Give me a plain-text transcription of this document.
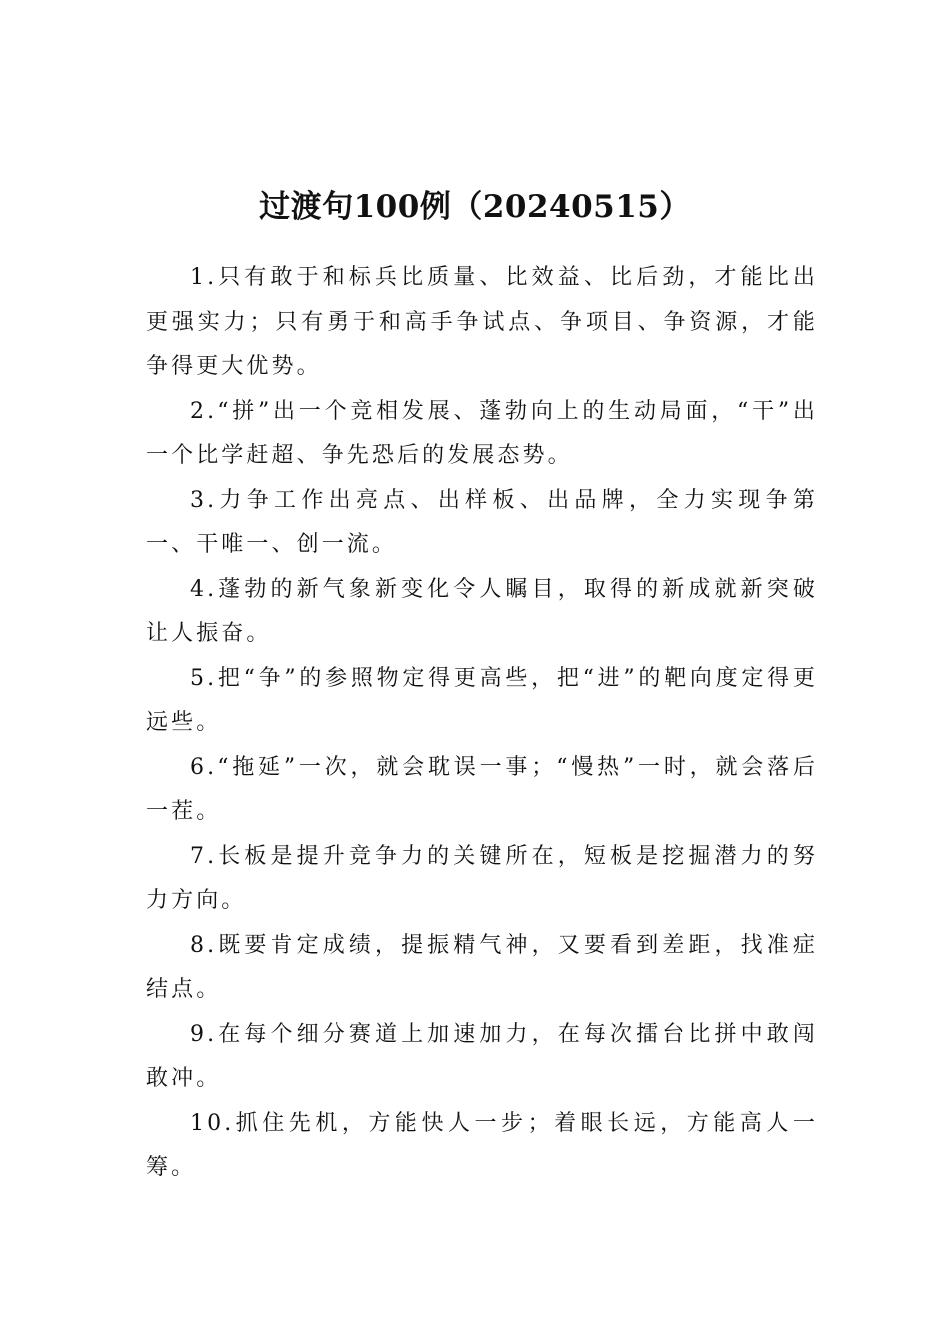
过渡句100例（20240515）

1.只有敢于和标兵比质量、比效益、比后劲，才能比出更强实力；只有勇于和高手争试点、争项目、争资源，才能争得更大优势。

2.“拼”出一个竞相发展、蓬勃向上的生动局面，“干”出一个比学赶超、争先恐后的发展态势。

3.力争工作出亮点、出样板、出品牌，全力实现争第一、干唯一、创一流。

4.蓬勃的新气象新变化令人瞩目，取得的新成就新突破让人振奋。

5.把“争”的参照物定得更高些，把“进”的靶向度定得更远些。

6.“拖延”一次，就会耽误一事；“慢热”一时，就会落后一茬。

7.长板是提升竞争力的关键所在，短板是挖掘潜力的努力方向。

8.既要肯定成绩，提振精气神，又要看到差距，找准症结点。

9.在每个细分赛道上加速加力，在每次擂台比拼中敢闯敢冲。

10.抓住先机，方能快人一步；着眼长远，方能高人一筹。
